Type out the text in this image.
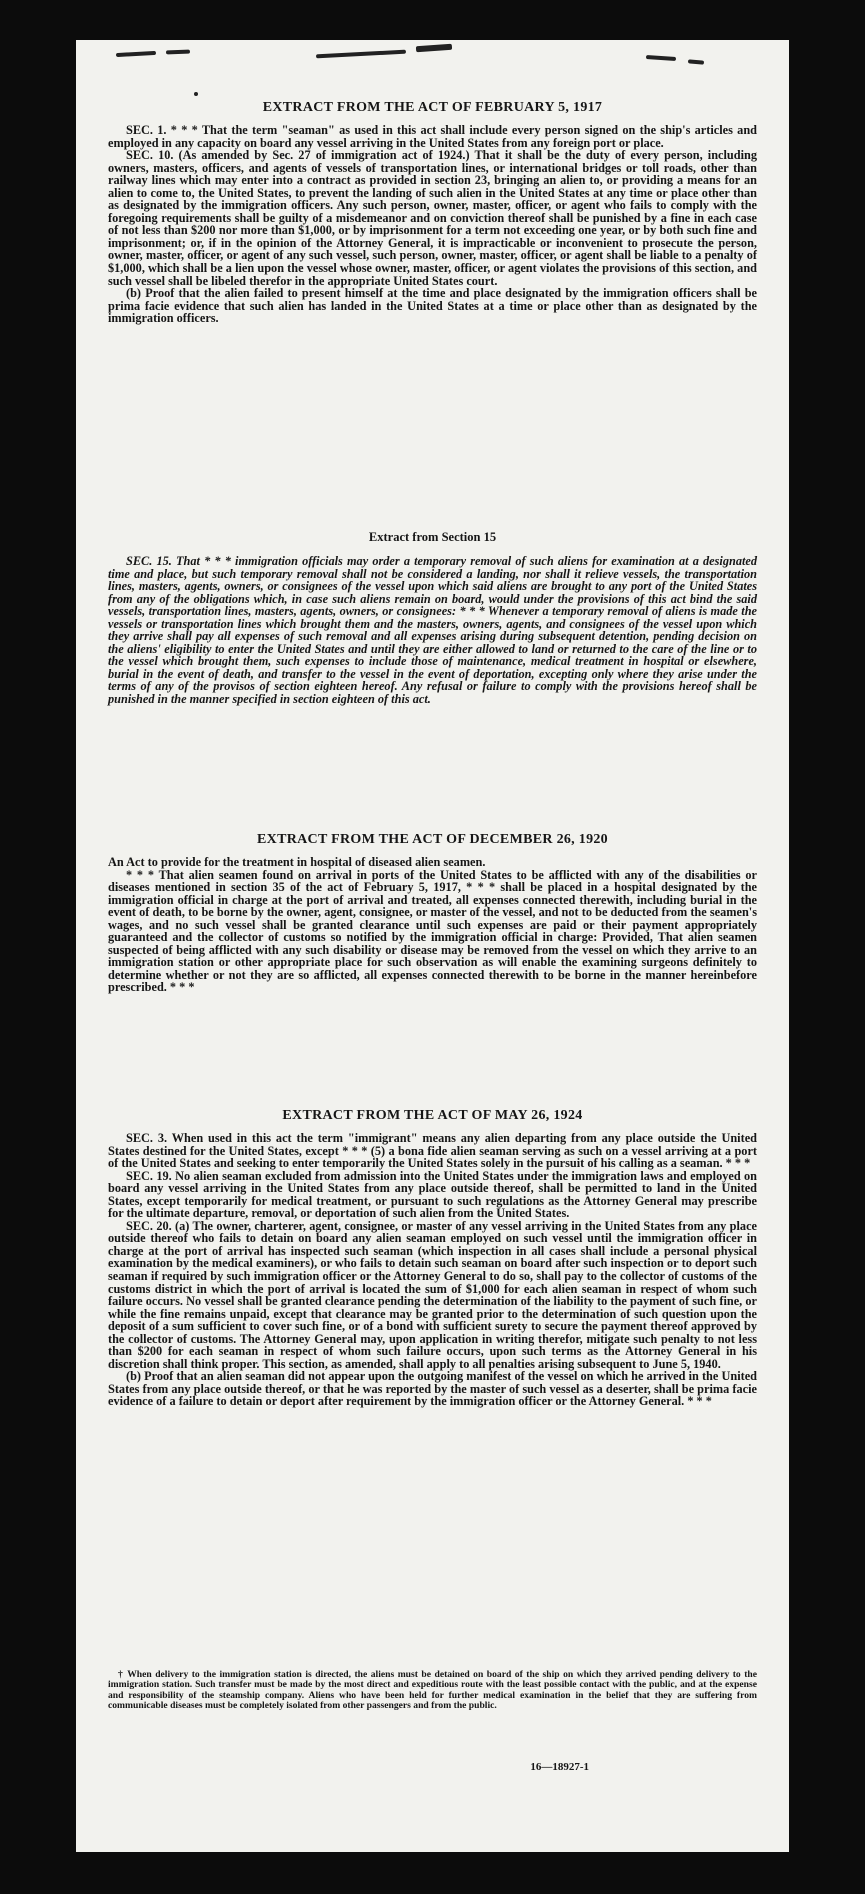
EXTRACT FROM THE ACT OF FEBRUARY 5, 1917

SEC. 1. * * * That the term "seaman" as used in this act shall include every person signed on the ship's articles and employed in any capacity on board any vessel arriving in the United States from any foreign port or place.

SEC. 10. (As amended by Sec. 27 of immigration act of 1924.) That it shall be the duty of every person, including owners, masters, officers, and agents of vessels of transportation lines, or international bridges or toll roads, other than railway lines which may enter into a contract as provided in section 23, bringing an alien to, or providing a means for an alien to come to, the United States, to prevent the landing of such alien in the United States at any time or place other than as designated by the immigration officers. Any such person, owner, master, officer, or agent who fails to comply with the foregoing requirements shall be guilty of a misdemeanor and on conviction thereof shall be punished by a fine in each case of not less than $200 nor more than $1,000, or by imprisonment for a term not exceeding one year, or by both such fine and imprisonment; or, if in the opinion of the Attorney General, it is impracticable or inconvenient to prosecute the person, owner, master, officer, or agent of any such vessel, such person, owner, master, officer, or agent shall be liable to a penalty of $1,000, which shall be a lien upon the vessel whose owner, master, officer, or agent violates the provisions of this section, and such vessel shall be libeled therefor in the appropriate United States court.

(b) Proof that the alien failed to present himself at the time and place designated by the immigration officers shall be prima facie evidence that such alien has landed in the United States at a time or place other than as designated by the immigration officers.

Extract from Section 15

SEC. 15. That * * * immigration officials may order a temporary removal of such aliens for examination at a designated time and place, but such temporary removal shall not be considered a landing, nor shall it relieve vessels, the transportation lines, masters, agents, owners, or consignees of the vessel upon which said aliens are brought to any port of the United States from any of the obligations which, in case such aliens remain on board, would under the provisions of this act bind the said vessels, transportation lines, masters, agents, owners, or consignees: * * * Whenever a temporary removal of aliens is made the vessels or transportation lines which brought them and the masters, owners, agents, and consignees of the vessel upon which they arrive shall pay all expenses of such removal and all expenses arising during subsequent detention, pending decision on the aliens' eligibility to enter the United States and until they are either allowed to land or returned to the care of the line or to the vessel which brought them, such expenses to include those of maintenance, medical treatment in hospital or elsewhere, burial in the event of death, and transfer to the vessel in the event of deportation, excepting only where they arise under the terms of any of the provisos of section eighteen hereof. Any refusal or failure to comply with the provisions hereof shall be punished in the manner specified in section eighteen of this act.

EXTRACT FROM THE ACT OF DECEMBER 26, 1920

An Act to provide for the treatment in hospital of diseased alien seamen.

* * * That alien seamen found on arrival in ports of the United States to be afflicted with any of the disabilities or diseases mentioned in section 35 of the act of February 5, 1917, * * * shall be placed in a hospital designated by the immigration official in charge at the port of arrival and treated, all expenses connected therewith, including burial in the event of death, to be borne by the owner, agent, consignee, or master of the vessel, and not to be deducted from the seamen's wages, and no such vessel shall be granted clearance until such expenses are paid or their payment appropriately guaranteed and the collector of customs so notified by the immigration official in charge: Provided, That alien seamen suspected of being afflicted with any such disability or disease may be removed from the vessel on which they arrive to an immigration station or other appropriate place for such observation as will enable the examining surgeons definitely to determine whether or not they are so afflicted, all expenses connected therewith to be borne in the manner hereinbefore prescribed. * * *

EXTRACT FROM THE ACT OF MAY 26, 1924

SEC. 3. When used in this act the term "immigrant" means any alien departing from any place outside the United States destined for the United States, except * * * (5) a bona fide alien seaman serving as such on a vessel arriving at a port of the United States and seeking to enter temporarily the United States solely in the pursuit of his calling as a seaman. * * *

SEC. 19. No alien seaman excluded from admission into the United States under the immigration laws and employed on board any vessel arriving in the United States from any place outside thereof, shall be permitted to land in the United States, except temporarily for medical treatment, or pursuant to such regulations as the Attorney General may prescribe for the ultimate departure, removal, or deportation of such alien from the United States.

SEC. 20. (a) The owner, charterer, agent, consignee, or master of any vessel arriving in the United States from any place outside thereof who fails to detain on board any alien seaman employed on such vessel until the immigration officer in charge at the port of arrival has inspected such seaman (which inspection in all cases shall include a personal physical examination by the medical examiners), or who fails to detain such seaman on board after such inspection or to deport such seaman if required by such immigration officer or the Attorney General to do so, shall pay to the collector of customs of the customs district in which the port of arrival is located the sum of $1,000 for each alien seaman in respect of whom such failure occurs. No vessel shall be granted clearance pending the determination of the liability to the payment of such fine, or while the fine remains unpaid, except that clearance may be granted prior to the determination of such question upon the deposit of a sum sufficient to cover such fine, or of a bond with sufficient surety to secure the payment thereof approved by the collector of customs. The Attorney General may, upon application in writing therefor, mitigate such penalty to not less than $200 for each seaman in respect of whom such failure occurs, upon such terms as the Attorney General in his discretion shall think proper. This section, as amended, shall apply to all penalties arising subsequent to June 5, 1940.

(b) Proof that an alien seaman did not appear upon the outgoing manifest of the vessel on which he arrived in the United States from any place outside thereof, or that he was reported by the master of such vessel as a deserter, shall be prima facie evidence of a failure to detain or deport after requirement by the immigration officer or the Attorney General. * * *

† When delivery to the immigration station is directed, the aliens must be detained on board of the ship on which they arrived pending delivery to the immigration station. Such transfer must be made by the most direct and expeditious route with the least possible contact with the public, and at the expense and responsibility of the steamship company. Aliens who have been held for further medical examination in the belief that they are suffering from communicable diseases must be completely isolated from other passengers and from the public.

16—18927-1
